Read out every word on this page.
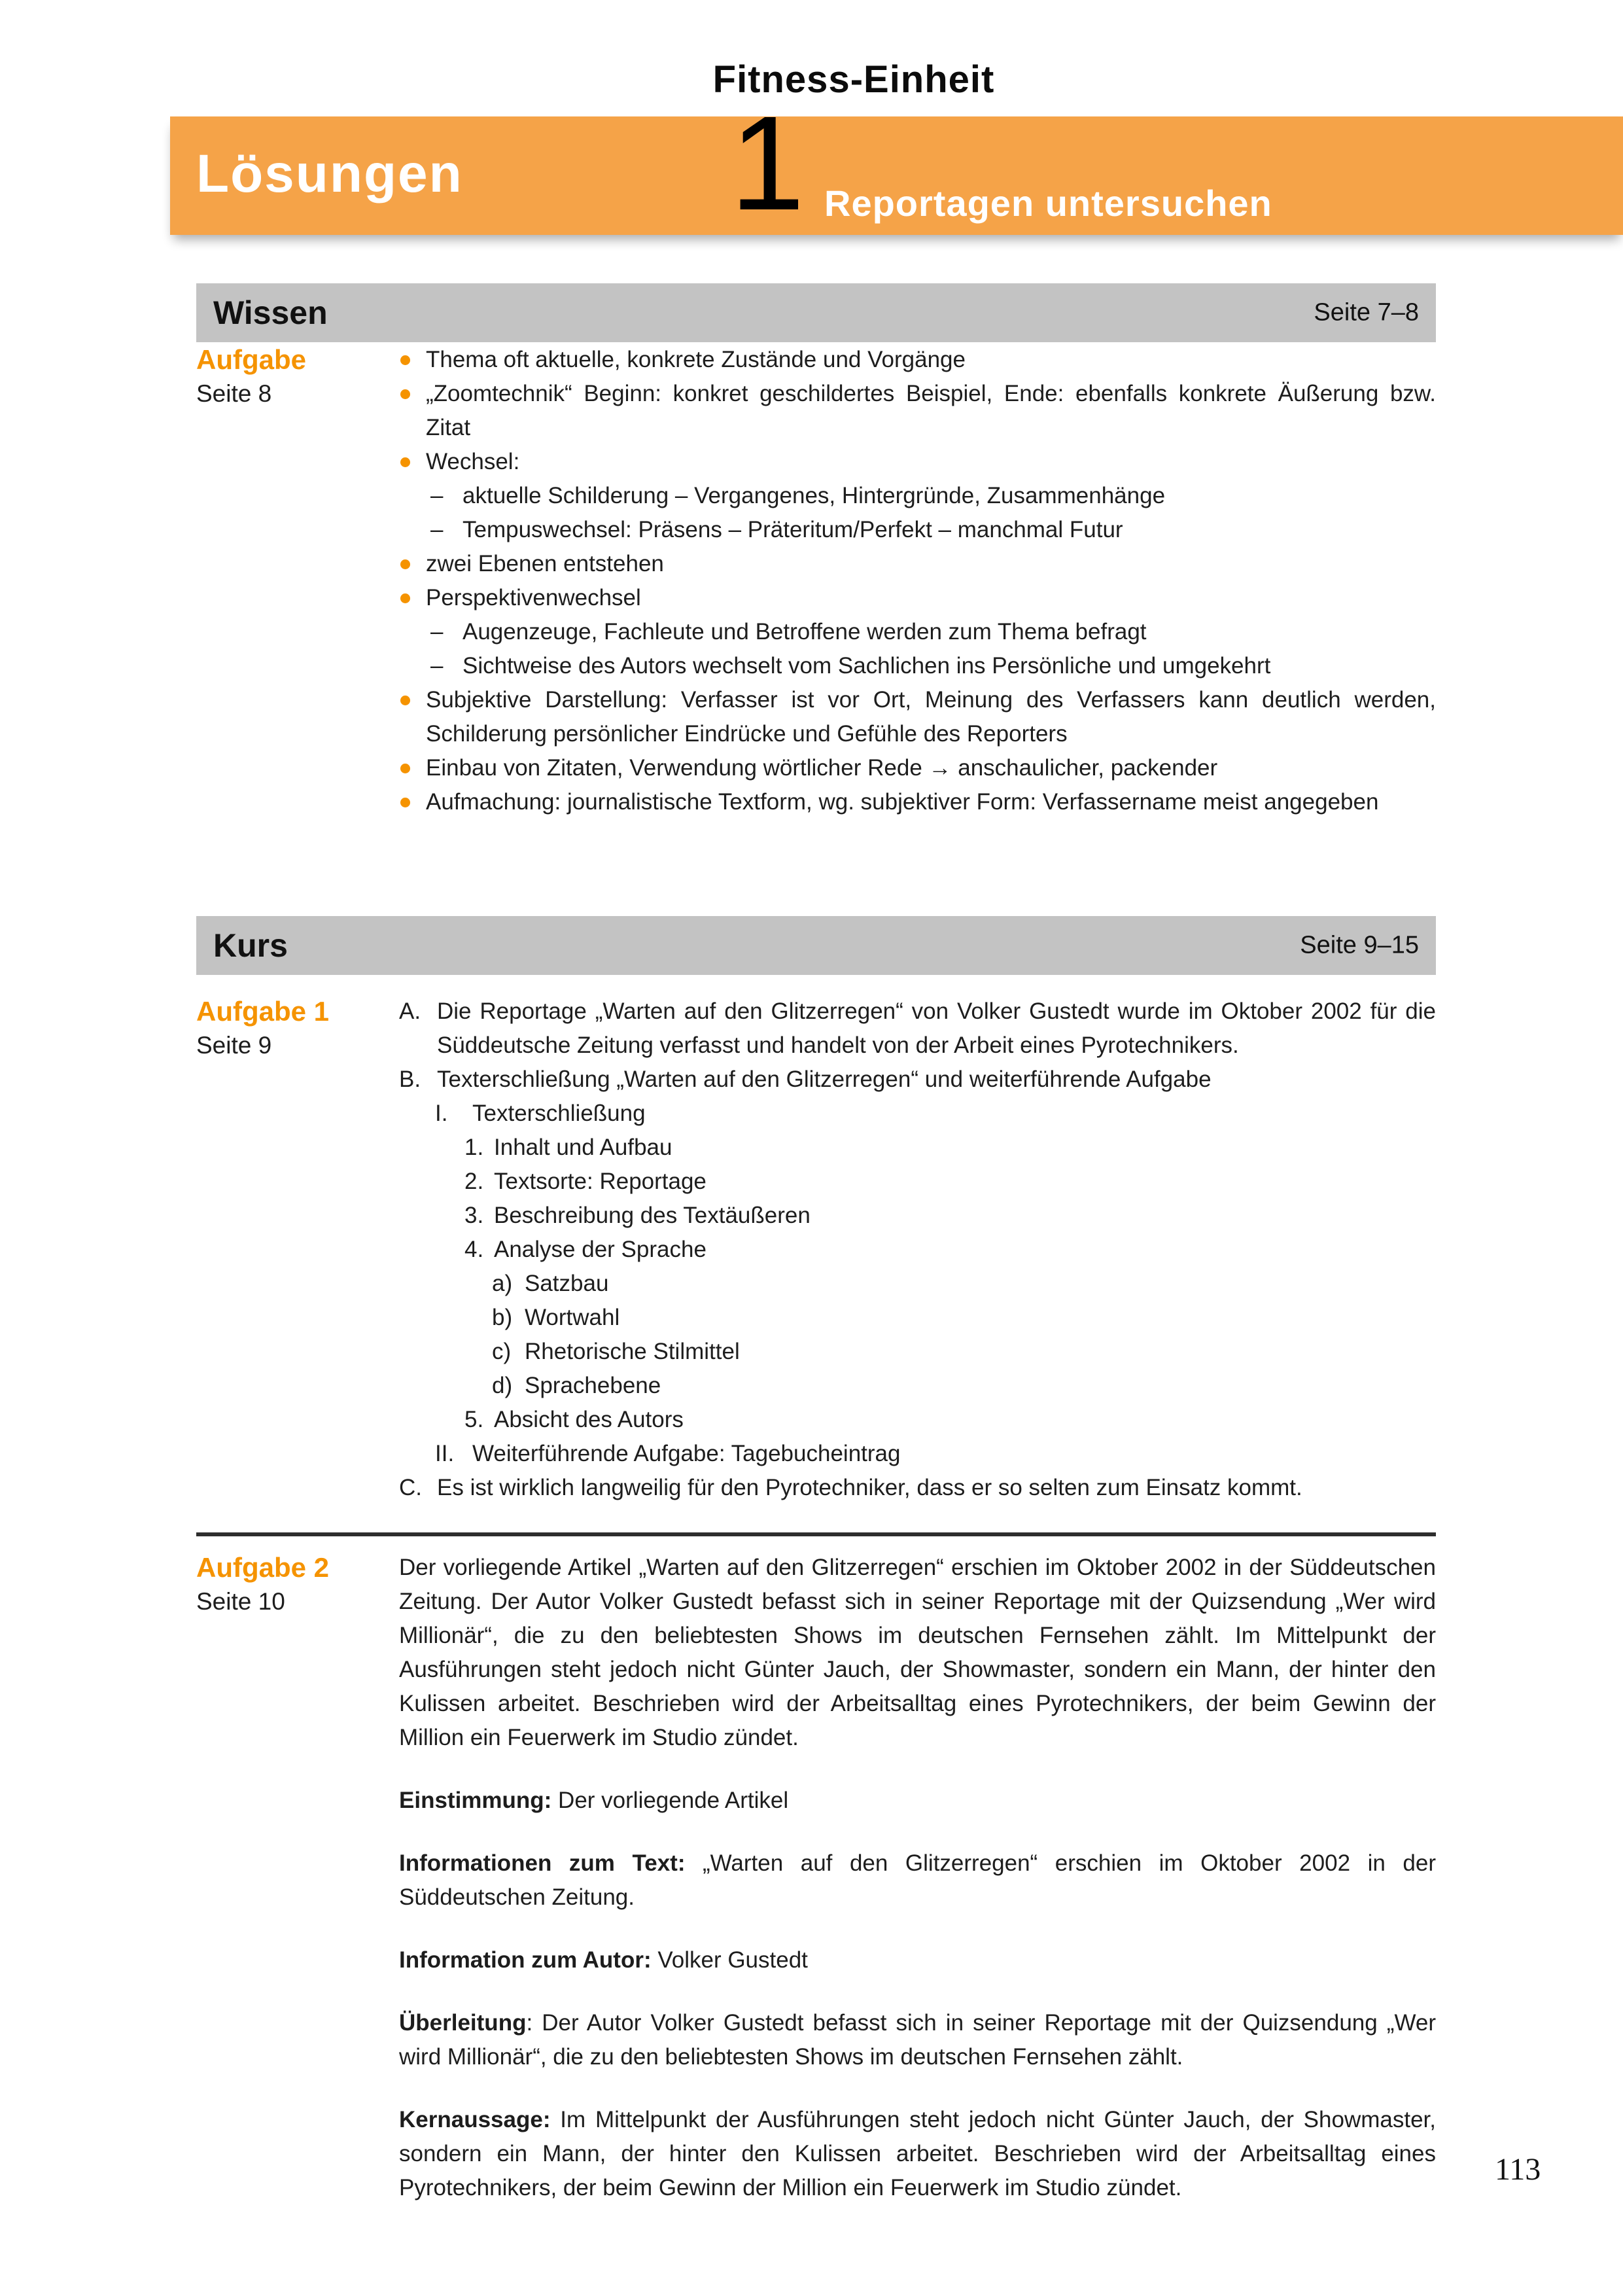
Fitness-Einheit
Lösungen 1 Reportagen untersuchen
Wissen	Seite 7–8
Aufgabe
Seite 8
Thema oft aktuelle, konkrete Zustände und Vorgänge
„Zoomtechnik“ Beginn: konkret geschildertes Beispiel, Ende: ebenfalls konkrete Äußerung bzw. Zitat
Wechsel:
– aktuelle Schilderung – Vergangenes, Hintergründe, Zusammenhänge
– Tempuswechsel: Präsens – Präteritum/Perfekt – manchmal Futur
zwei Ebenen entstehen
Perspektivenwechsel
– Augenzeuge, Fachleute und Betroffene werden zum Thema befragt
– Sichtweise des Autors wechselt vom Sachlichen ins Persönliche und umgekehrt
Subjektive Darstellung: Verfasser ist vor Ort, Meinung des Verfassers kann deutlich werden, Schilderung persönlicher Eindrücke und Gefühle des Reporters
Einbau von Zitaten, Verwendung wörtlicher Rede → anschaulicher, packender
Aufmachung: journalistische Textform, wg. subjektiver Form: Verfassername meist angegeben
Kurs	Seite 9–15
Aufgabe 1
Seite 9
A. Die Reportage „Warten auf den Glitzerregen“ von Volker Gustedt wurde im Oktober 2002 für die Süddeutsche Zeitung verfasst und handelt von der Arbeit eines Pyrotechnikers.
B. Texterschließung „Warten auf den Glitzerregen“ und weiterführende Aufgabe
I.	Texterschließung
1. Inhalt und Aufbau
2. Textsorte: Reportage
3. Beschreibung des Textäußeren
4. Analyse der Sprache
a) Satzbau
b) Wortwahl
c) Rhetorische Stilmittel
d) Sprachebene
5. Absicht des Autors
II. Weiterführende Aufgabe: Tagebucheintrag
C. Es ist wirklich langweilig für den Pyrotechniker, dass er so selten zum Einsatz kommt.
Aufgabe 2
Seite 10

Der vorliegende Artikel „Warten auf den Glitzerregen“ erschien im Oktober 2002 in der Süddeutschen Zeitung. Der Autor Volker Gustedt befasst sich in seiner Reportage mit der Quizsendung „Wer wird Millionär“, die zu den beliebtesten Shows im deutschen Fernsehen zählt. Im Mittelpunkt der Ausführungen steht jedoch nicht Günter Jauch, der Showmaster, sondern ein Mann, der hinter den Kulissen arbeitet. Beschrieben wird der Arbeitsalltag eines Pyrotechnikers, der beim Gewinn der Million ein Feuerwerk im Studio zündet.

Einstimmung: Der vorliegende Artikel

Informationen zum Text: „Warten auf den Glitzerregen“ erschien im Oktober 2002 in der Süddeutschen Zeitung.

Information zum Autor: Volker Gustedt

Überleitung: Der Autor Volker Gustedt befasst sich in seiner Reportage mit der Quizsendung „Wer wird Millionär“, die zu den beliebtesten Shows im deutschen Fernsehen zählt.

Kernaussage: Im Mittelpunkt der Ausführungen steht jedoch nicht Günter Jauch, der Showmaster, sondern ein Mann, der hinter den Kulissen arbeitet. Beschrieben wird der Arbeitsalltag eines Pyrotechnikers, der beim Gewinn der Million ein Feuerwerk im Studio zündet.

113
